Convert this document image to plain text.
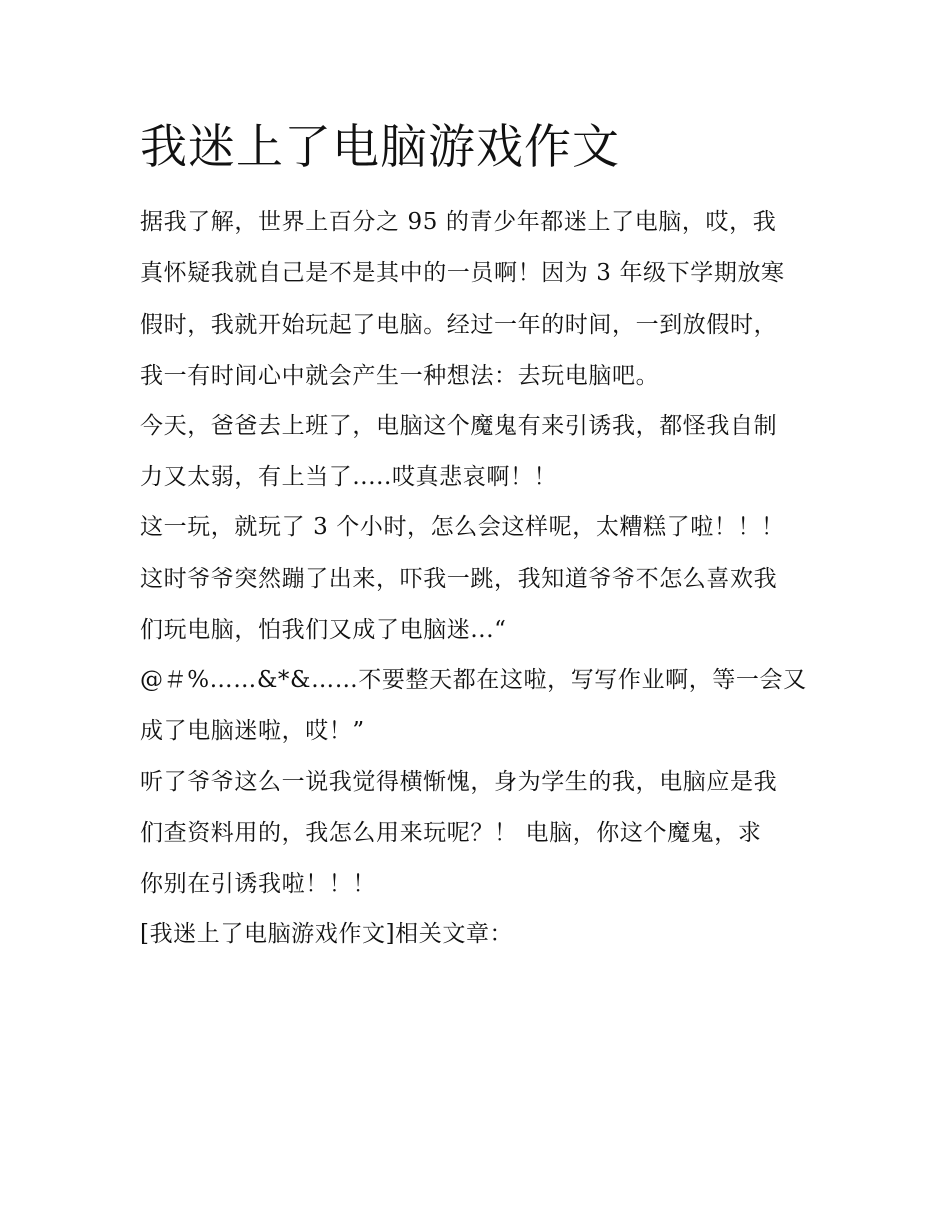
我迷上了电脑游戏作文

据我了解，世界上百分之 95 的青少年都迷上了电脑，哎，我

真怀疑我就自己是不是其中的一员啊！因为 3 年级下学期放寒

假时，我就开始玩起了电脑。经过一年的时间，一到放假时，

我一有时间心中就会产生一种想法：去玩电脑吧。

今天，爸爸去上班了，电脑这个魔鬼有来引诱我，都怪我自制

力又太弱，有上当了.....哎真悲哀啊！！

这一玩，就玩了 3 个小时，怎么会这样呢，太糟糕了啦！！！

这时爷爷突然蹦了出来，吓我一跳，我知道爷爷不怎么喜欢我

们玩电脑，怕我们又成了电脑迷...“

@＃%……&*&……不要整天都在这啦，写写作业啊，等一会又

成了电脑迷啦，哎！”

听了爷爷这么一说我觉得横惭愧，身为学生的我，电脑应是我

们查资料用的，我怎么用来玩呢？！ 电脑，你这个魔鬼，求

你别在引诱我啦！！！

[我迷上了电脑游戏作文]相关文章：
